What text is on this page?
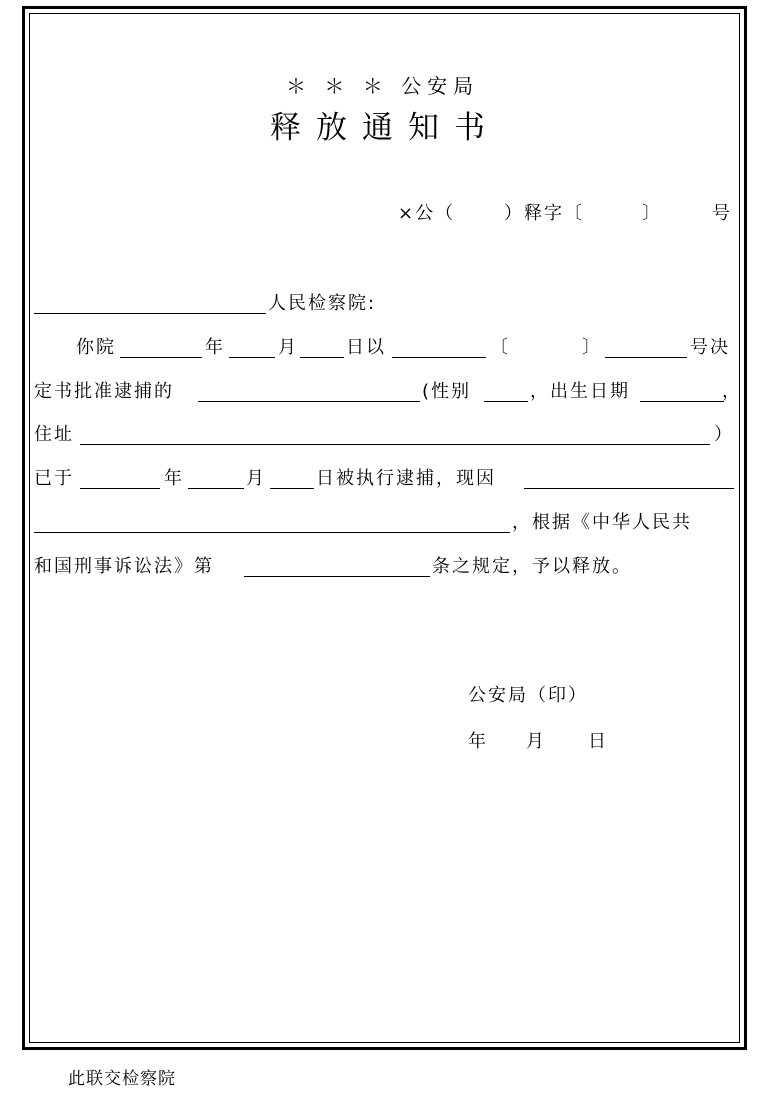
＊ ＊ ＊ 公安局
释放通知书
×公（	）释字〔	〕	号
人民检察院:
你院	年	月	日以	〔	〕	号决
定书批准逮捕的	(性别	，出生日期	，
住址	）
已于	年	月	日被执行逮捕，现因
，根据《中华人民共
和国刑事诉讼法》第	条之规定，予以释放。
公安局（印）
年 月 日
此联交检察院
